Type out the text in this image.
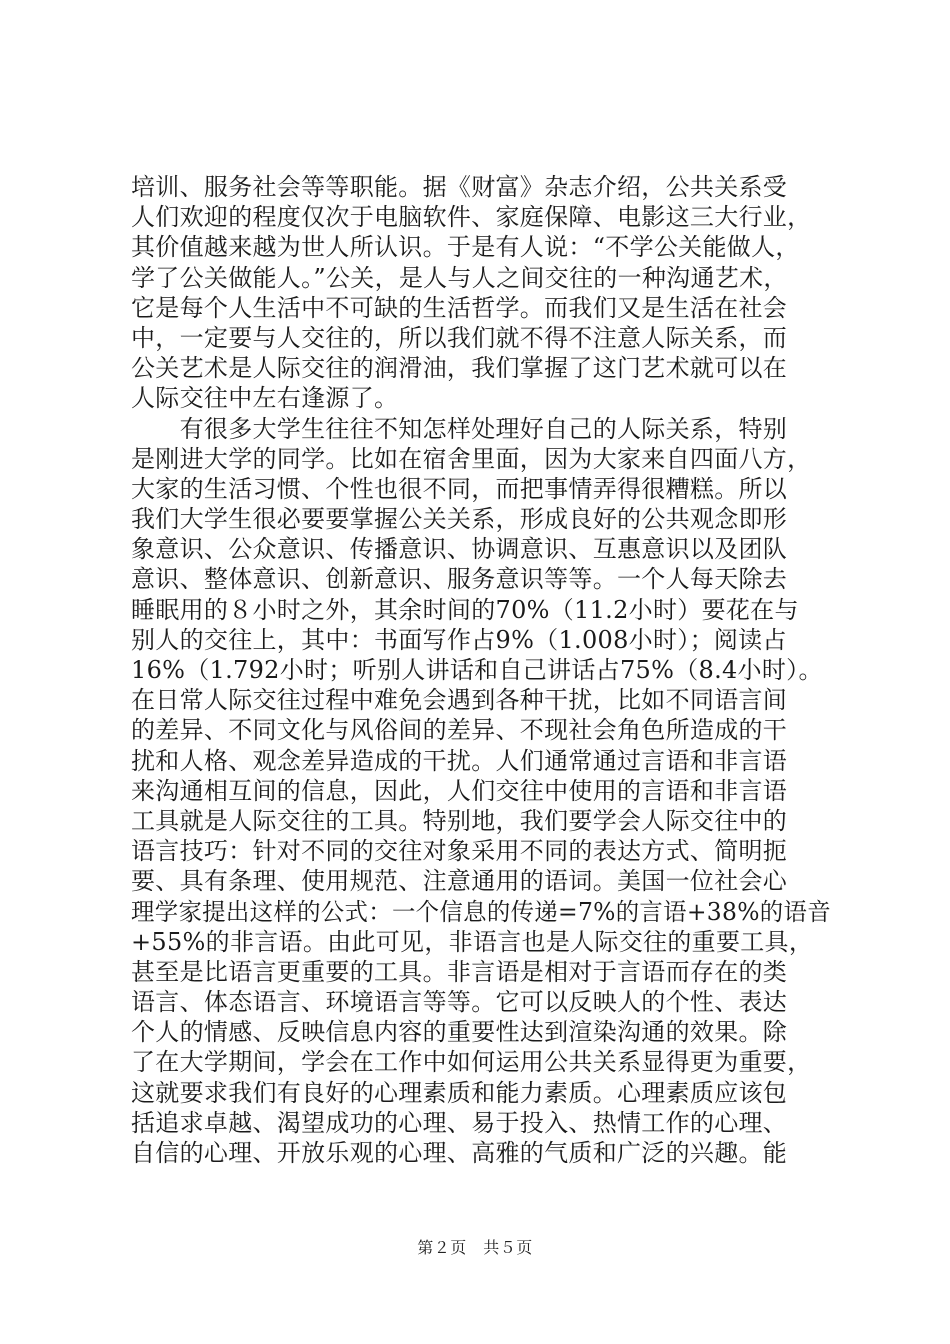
培训、服务社会等等职能。据《财富》杂志介绍，公共关系受
人们欢迎的程度仅次于电脑软件、家庭保障、电影这三大行业，
其价值越来越为世人所认识。于是有人说：“不学公关能做人，
学了公关做能人。”公关，是人与人之间交往的一种沟通艺术，
它是每个人生活中不可缺的生活哲学。而我们又是生活在社会
中，一定要与人交往的，所以我们就不得不注意人际关系，而
公关艺术是人际交往的润滑油，我们掌握了这门艺术就可以在
人际交往中左右逢源了。
　　有很多大学生往往不知怎样处理好自己的人际关系，特别
是刚进大学的同学。比如在宿舍里面，因为大家来自四面八方，
大家的生活习惯、个性也很不同，而把事情弄得很糟糕。所以
我们大学生很必要要掌握公关关系，形成良好的公共观念即形
象意识、公众意识、传播意识、协调意识、互惠意识以及团队
意识、整体意识、创新意识、服务意识等等。一个人每天除去
睡眠用的８小时之外，其余时间的70%（11.2小时）要花在与
别人的交往上，其中：书面写作占9%（1.008小时）；阅读占
16%（1.792小时；听别人讲话和自己讲话占75%（8.4小时）。
在日常人际交往过程中难免会遇到各种干扰，比如不同语言间
的差异、不同文化与风俗间的差异、不现社会角色所造成的干
扰和人格、观念差异造成的干扰。人们通常通过言语和非言语
来沟通相互间的信息，因此，人们交往中使用的言语和非言语
工具就是人际交往的工具。特别地，我们要学会人际交往中的
语言技巧：针对不同的交往对象采用不同的表达方式、简明扼
要、具有条理、使用规范、注意通用的语词。美国一位社会心
理学家提出这样的公式：一个信息的传递=7%的言语+38%的语音
+55%的非言语。由此可见，非语言也是人际交往的重要工具，
甚至是比语言更重要的工具。非言语是相对于言语而存在的类
语言、体态语言、环境语言等等。它可以反映人的个性、表达
个人的情感、反映信息内容的重要性达到渲染沟通的效果。除
了在大学期间，学会在工作中如何运用公共关系显得更为重要，
这就要求我们有良好的心理素质和能力素质。心理素质应该包
括追求卓越、渴望成功的心理、易于投入、热情工作的心理、
自信的心理、开放乐观的心理、高雅的气质和广泛的兴趣。能
第２页　共５页
